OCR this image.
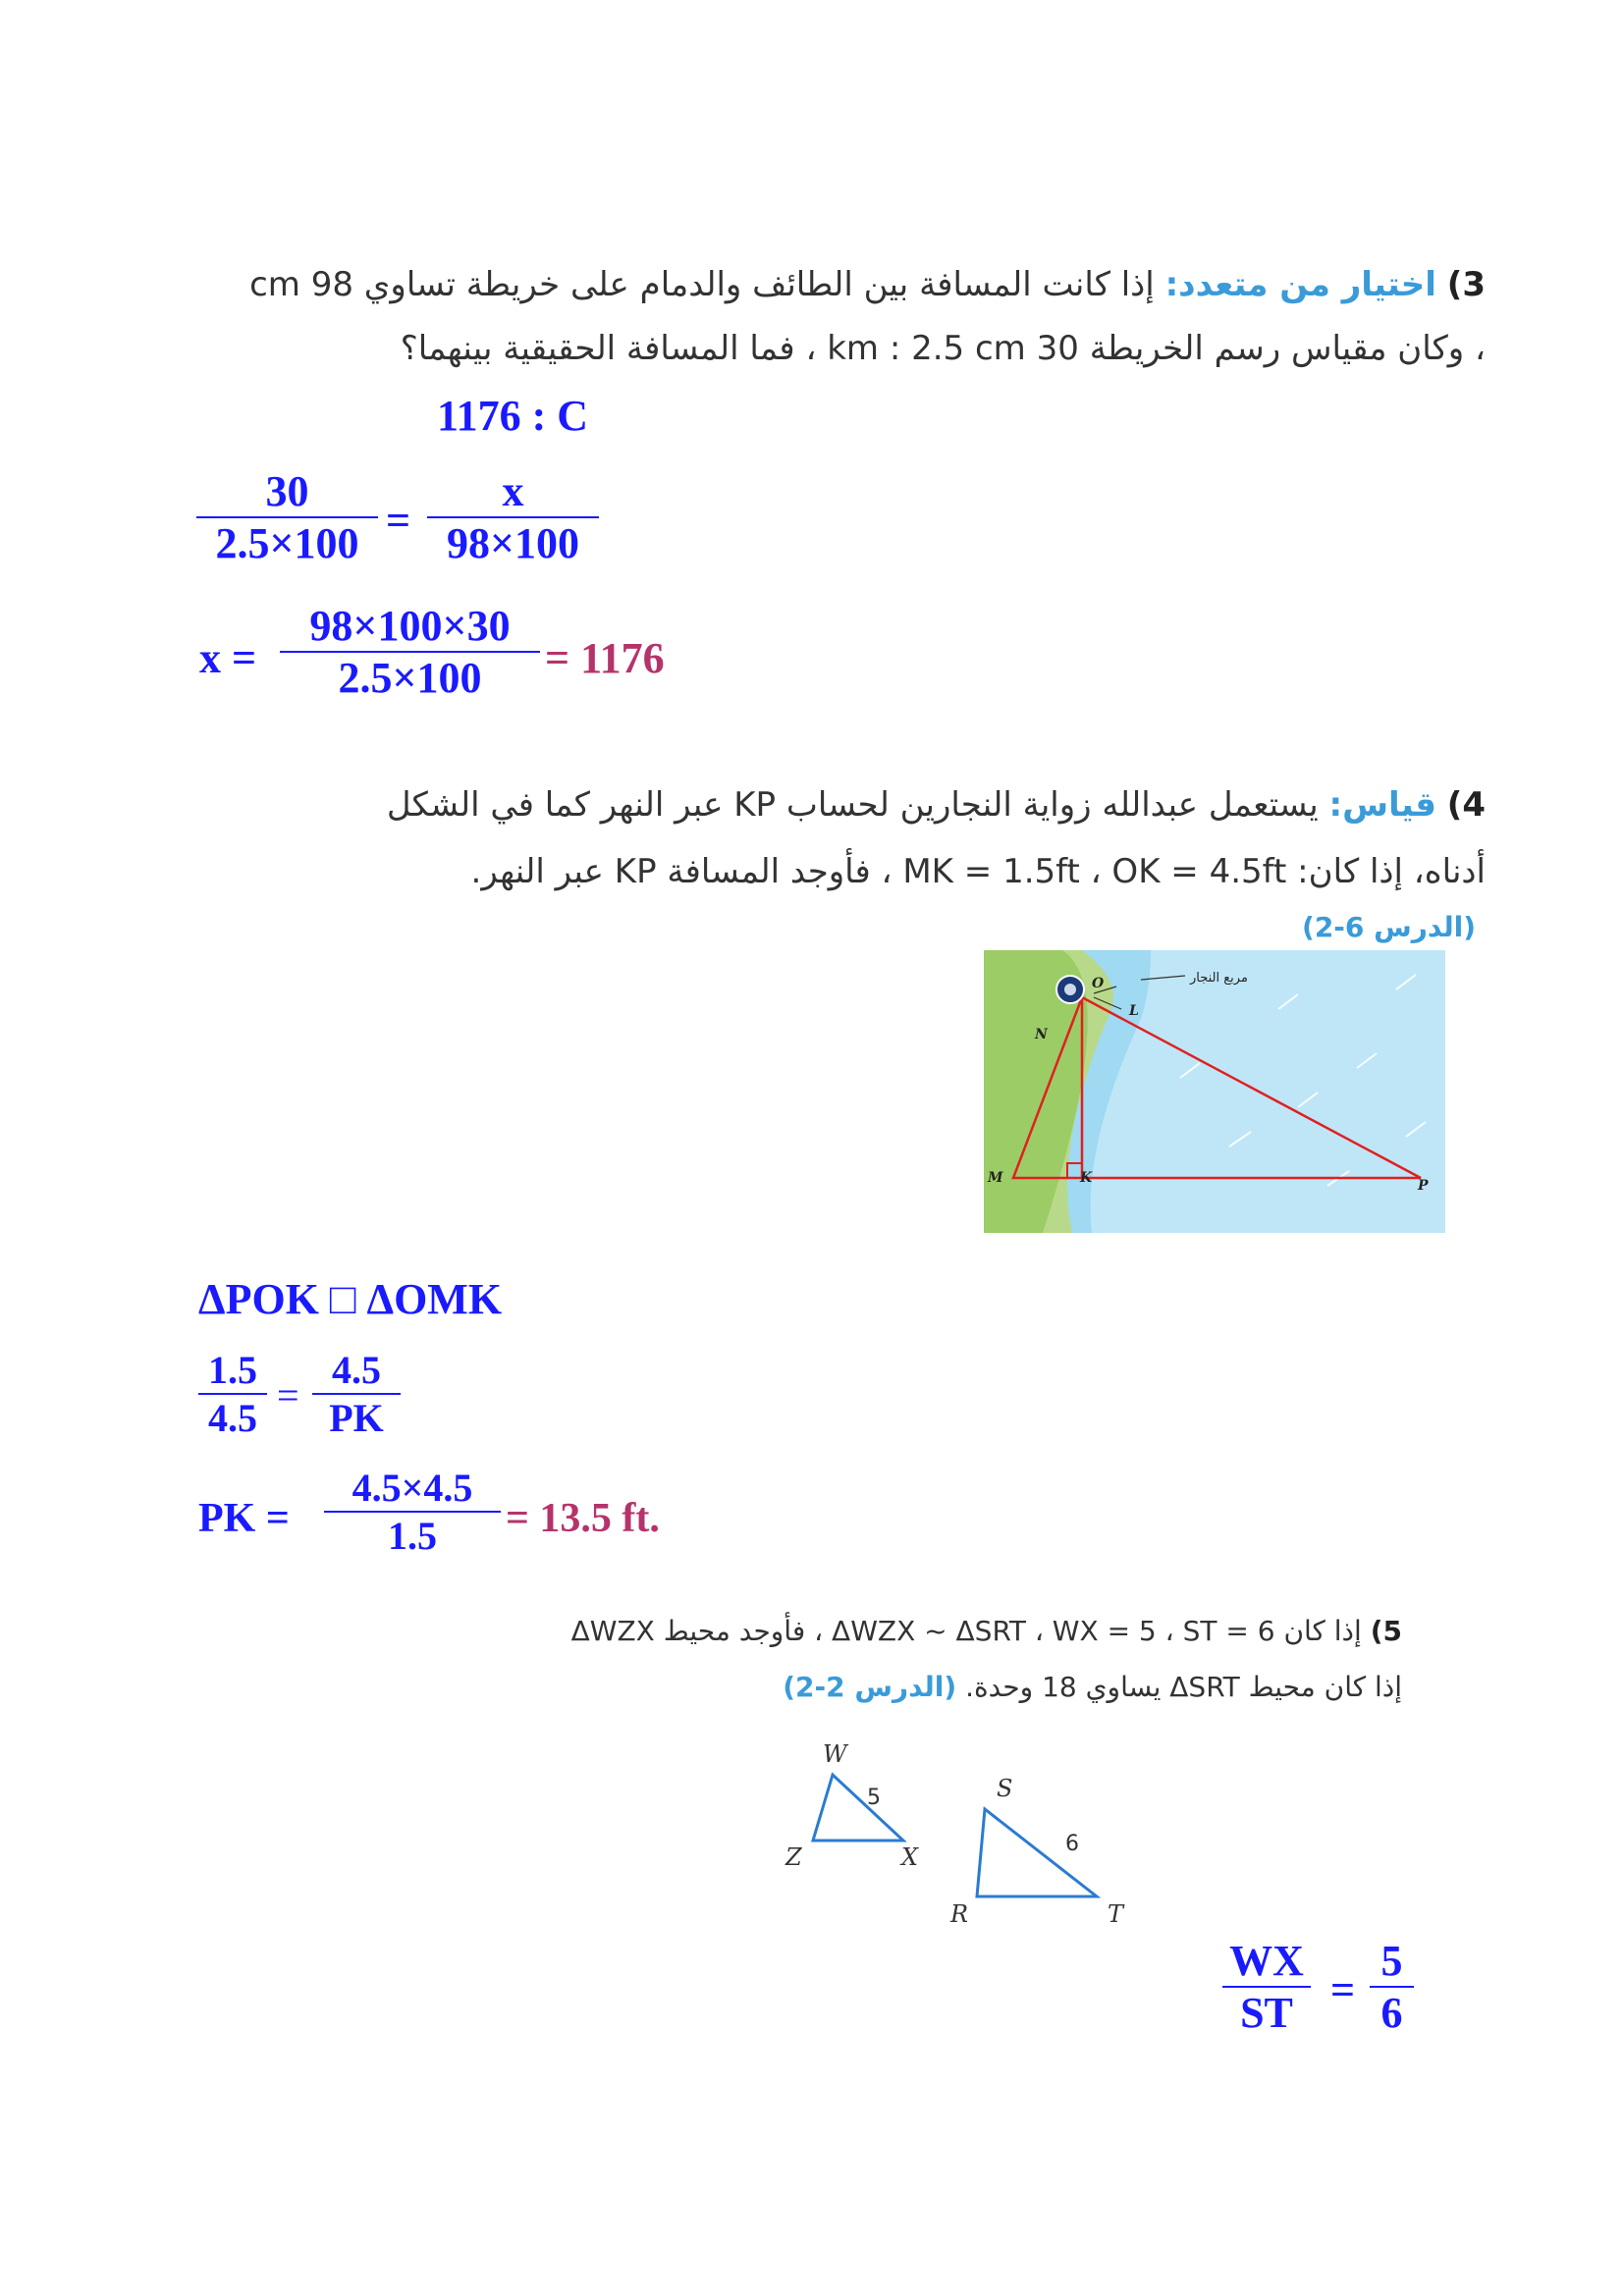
3) اختيار من متعدد: إذا كانت المسافة بين الطائف والدمام على خريطة تساوي 98 cm
، وكان مقياس رسم الخريطة 30 km : 2.5 cm ، فما المسافة الحقيقية بينهما؟
1176 : C
30
2.5×100 =
x
98×100
x =
98×100×30
2.5×100	= 1176
4) قياس: يستعمل عبدالله زواية النجارين لحساب KP عبر النهر كما في الشكل
أدناه، إذا كان: MK = 1.5ft ، OK = 4.5ft ، فأوجد المسافة KP عبر النهر.
(الدرس 6-2)
O
L
N
M	K	P
مربع النجار
ΔPOK □ ΔOMK
1.5
4.5
=
4.5
PK
PK =
4.5×4.5
1.5	= 13.5 ft.
5) إذا كان ΔWZX ~ ΔSRT ، WX = 5 ، ST = 6 ، فأوجد محيط ΔWZX
إذا كان محيط ΔSRT يساوي 18 وحدة. (الدرس 2-2)
W
5
Z	X
S
6
R	T
WX
ST =
5
6
